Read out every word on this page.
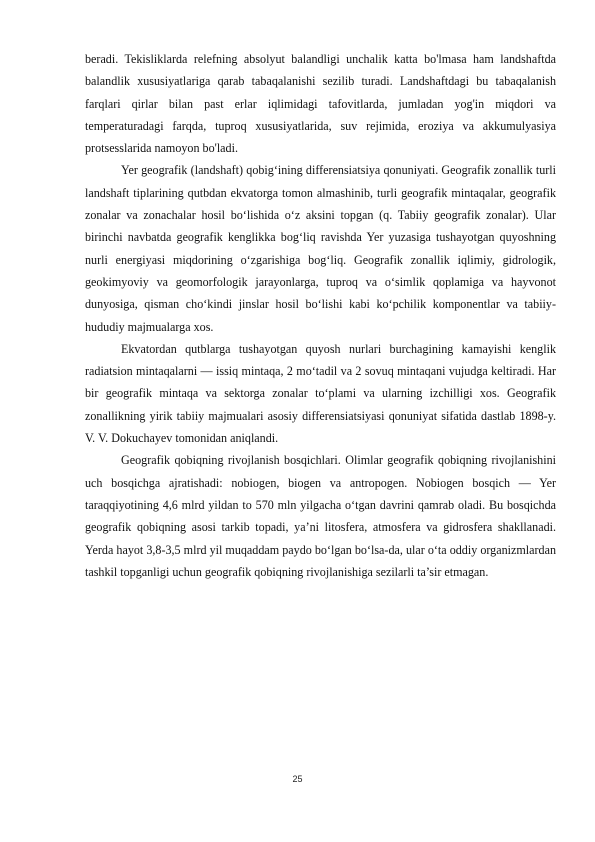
beradi. Tekisliklarda relefning absolyut balandligi unchalik katta bo'lmasa ham landshaftda balandlik xususiyatlariga qarab tabaqalanishi sezilib turadi. Landshaftdagi bu tabaqalanish farqlari qirlar bilan past erlar iqlimidagi tafovitlarda, jumladan yog'in miqdori va temperaturadagi farqda, tuproq xususiyatlarida, suv rejimida, eroziya va akkumulyasiya protsesslarida namoyon bo'ladi.

Yer geografik (landshaft) qobig‘ining differensiatsiya qonuniyati. Geografik zonallik turli landshaft tiplarining qutbdan ekvatorga tomon almashinib, turli geografik mintaqalar, geografik zonalar va zonachalar hosil bo‘lishida o‘z aksini topgan (q. Tabiiy geografik zonalar). Ular birinchi navbatda geografik kenglikka bog‘liq ravishda Yer yuzasiga tushayotgan quyoshning nurli energiyasi miqdorining o‘zgarishiga bog‘liq. Geografik zonallik iqlimiy, gidrologik, geokimyoviy va geomorfologik jarayonlarga, tuproq va o‘simlik qoplamiga va hayvonot dunyosiga, qisman cho‘kindi jinslar hosil bo‘lishi kabi ko‘pchilik komponentlar va tabiiy-hududiy majmualarga xos.

Ekvatordan qutblarga tushayotgan quyosh nurlari burchagining kamayishi kenglik radiatsion mintaqalarni — issiq mintaqa, 2 mo‘tadil va 2 sovuq mintaqani vujudga keltiradi. Har bir geografik mintaqa va sektorga zonalar to‘plami va ularning izchilligi xos. Geografik zonallikning yirik tabiiy majmualari asosiy differensiatsiyasi qonuniyat sifatida dastlab 1898-y. V. V. Dokuchayev tomonidan aniqlandi.

Geografik qobiqning rivojlanish bosqichlari. Olimlar geografik qobiqning rivojlanishini uch bosqichga ajratishadi: nobiogen, biogen va antropogen. Nobiogen bosqich — Yer taraqqiyotining 4,6 mlrd yildan to 570 mln yilgacha o‘tgan davrini qamrab oladi. Bu bosqichda geografik qobiqning asosi tarkib topadi, ya’ni litosfera, atmosfera va gidrosfera shakllanadi. Yerda hayot 3,8-3,5 mlrd yil muqaddam paydo bo‘lgan bo‘lsa-da, ular o‘ta oddiy organizmlardan tashkil topganligi uchun geografik qobiqning rivojlanishiga sezilarli ta’sir etmagan.

25
